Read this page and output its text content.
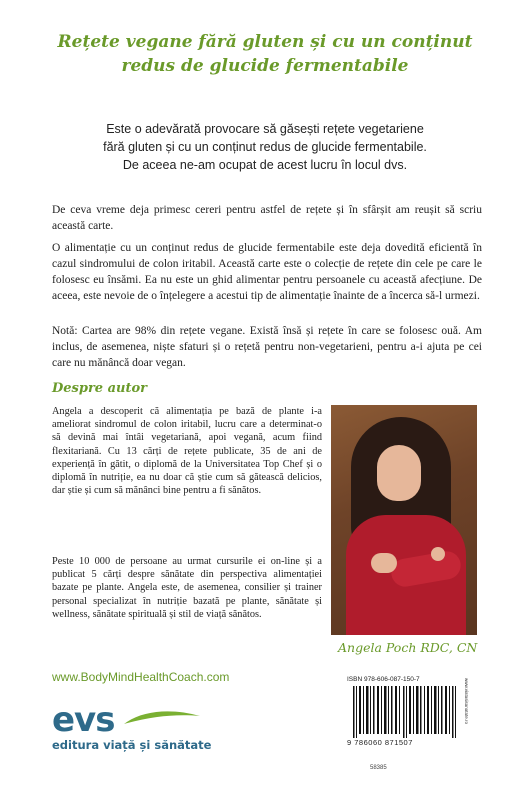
Rețete vegane fără gluten și cu un conținut
redus de glucide fermentabile
Este o adevărată provocare să găsești rețete vegetariene
fără gluten și cu un conținut redus de glucide fermentabile.
De aceea ne-am ocupat de acest lucru în locul dvs.

De ceva vreme deja primesc cereri pentru astfel de rețete și în sfârșit am reușit să scriu această carte.

O alimentație cu un conținut redus de glucide fermentabile este deja dovedită eficientă în cazul sindromului de colon iritabil. Această carte este o colecție de rețete din cele pe care le folosesc eu însămi. Ea nu este un ghid alimentar pentru persoanele cu această afecțiune. De aceea, este nevoie de o înțelegere a acestui tip de alimentație înainte de a încerca să-l urmezi.

Notă: Cartea are 98% din rețete vegane. Există însă și rețete în care se folosesc ouă. Am inclus, de asemenea, niște sfaturi și o rețetă pentru non-vegetarieni, pentru a-i ajuta pe cei care nu mănâncă doar vegan.

Despre autor

Angela a descoperit că alimentația pe bază de plante i-a ameliorat sindromul de colon iritabil, lucru care a determinat-o să devină mai întâi vegetariană, apoi vegană, acum fiind flexitariană. Cu 13 cărți de rețete publicate, 35 de ani de experiență în gătit, o diplomă de la Universitatea Top Chef și o diplomă în nutriție, ea nu doar că știe cum să gătească delicios, dar știe și cum să mănânci bine pentru a fi sănătos.

Peste 10 000 de persoane au urmat cursurile ei on-line și a publicat 5 cărți despre sănătate din perspectiva alimentației bazate pe plante. Angela este, de asemenea, consilier și trainer personal specializat în nutriție bazată pe plante, sănătate și wellness, sănătate spirituală și stil de viață sănătos.

Angela Poch RDC, CN
www.BodyMindHealthCoach.com
evs
editura viață și sănătate
ISBN 978-606-087-150-7
9 786060 871507
www.viatasisanatate.ro
58385
